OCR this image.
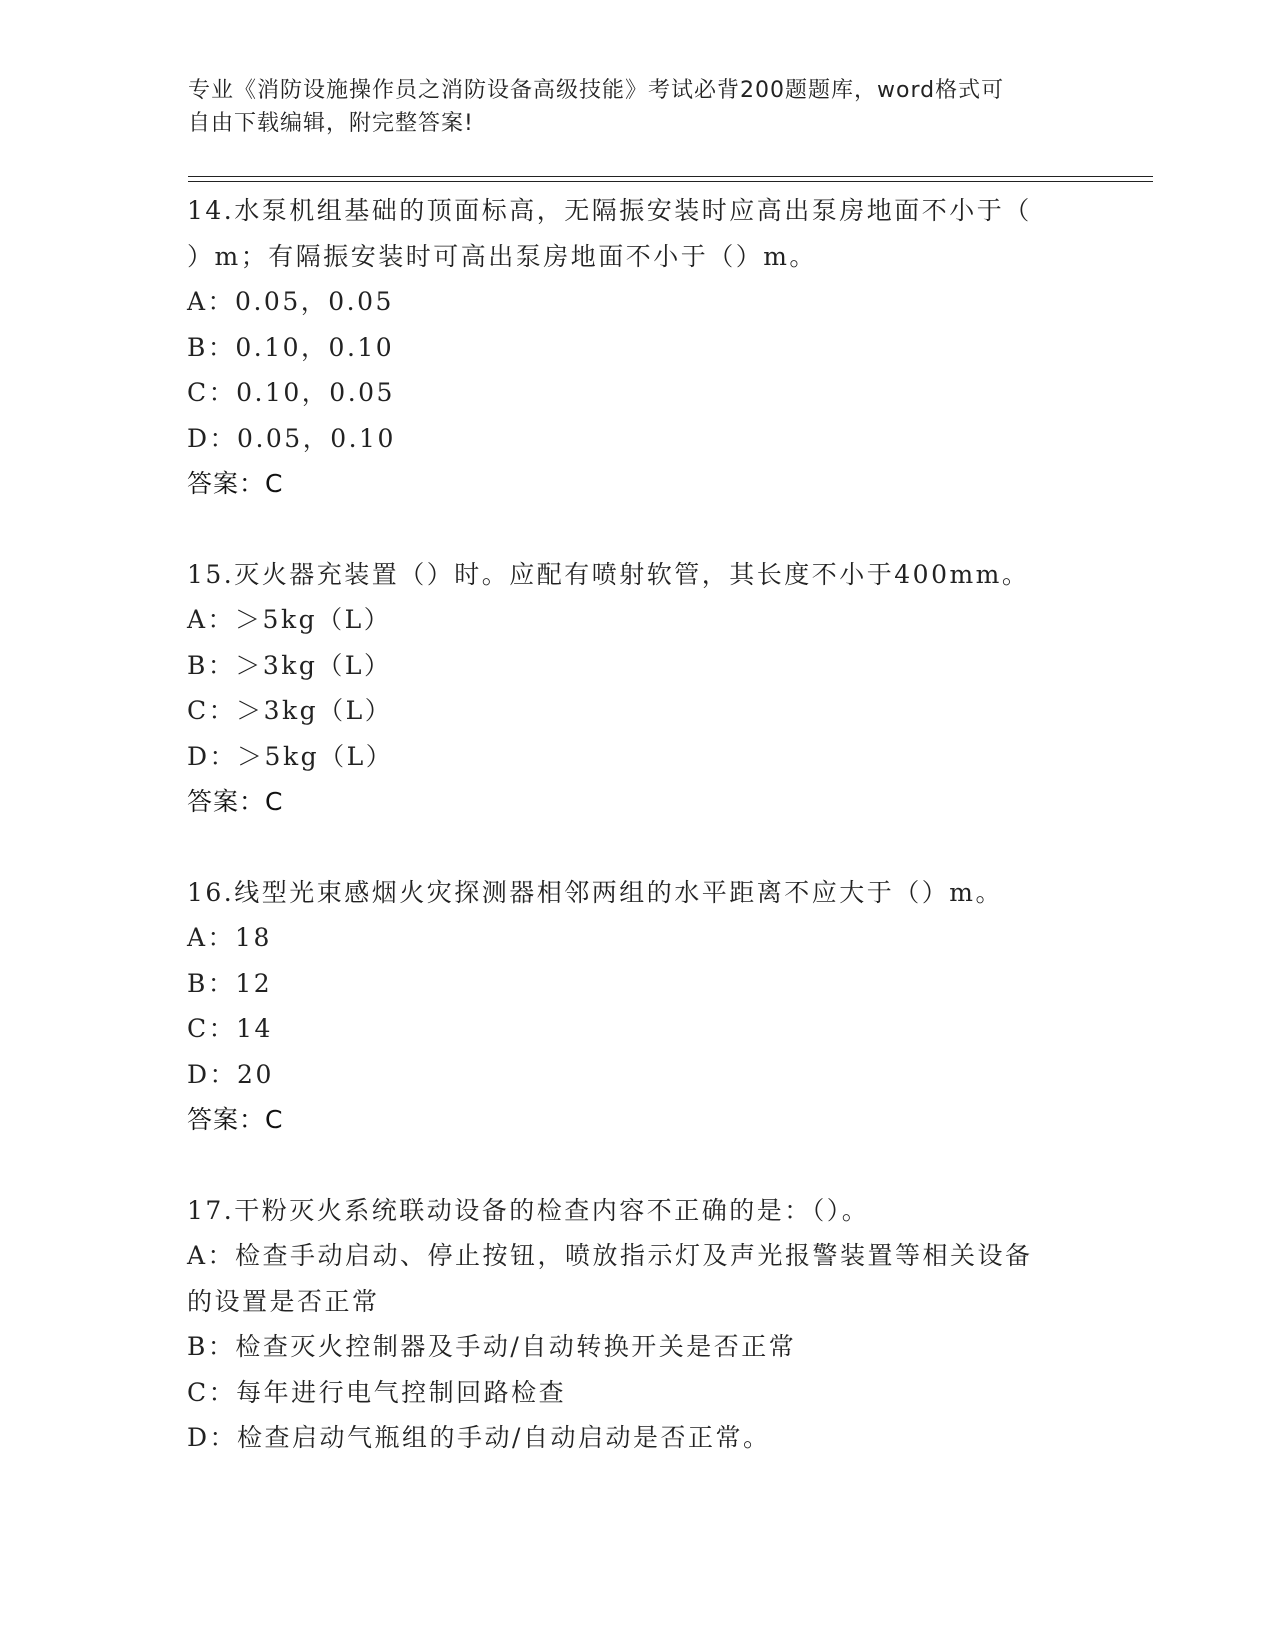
专业《消防设施操作员之消防设备高级技能》考试必背200题题库，word格式可
自由下载编辑，附完整答案!
14.水泵机组基础的顶面标高，无隔振安装时应高出泵房地面不小于（
）m；有隔振安装时可高出泵房地面不小于（）m。
A：0.05，0.05
B：0.10，0.10
C：0.10，0.05
D：0.05，0.10
答案：C
15.灭火器充装置（）时。应配有喷射软管，其长度不小于400mm。
A：＞5kg（L）
B：＞3kg（L）
C：＞3kg（L）
D：＞5kg（L）
答案：C
16.线型光束感烟火灾探测器相邻两组的水平距离不应大于（）m。
A：18
B：12
C：14
D：20
答案：C
17.干粉灭火系统联动设备的检查内容不正确的是：（）。
A：检查手动启动、停止按钮，喷放指示灯及声光报警装置等相关设备
的设置是否正常
B：检查灭火控制器及手动/自动转换开关是否正常
C：每年进行电气控制回路检查
D：检查启动气瓶组的手动/自动启动是否正常。
